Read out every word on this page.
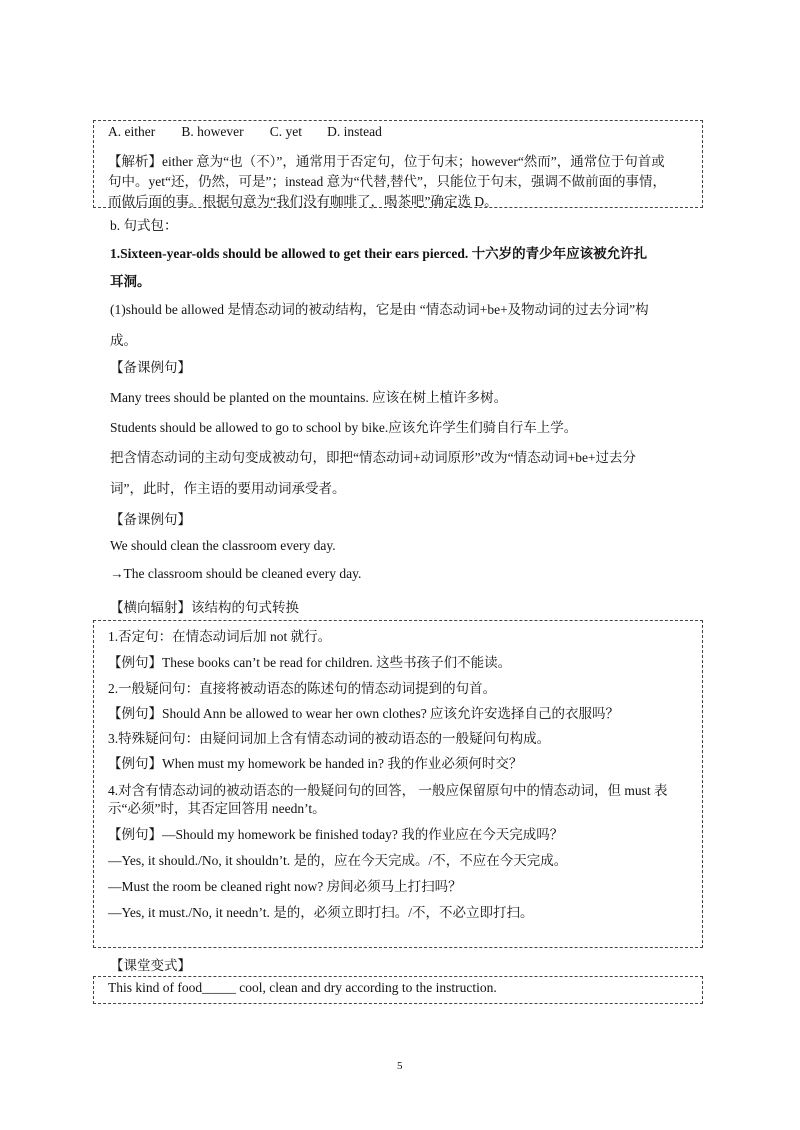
A. either B. however C. yet D. instead
【解析】either 意为“也（不）”，通常用于否定句，位于句末；however“然而”，通常位于句首或
句中。yet“还，仍然，可是”；instead 意为“代替,替代”，只能位于句末，强调不做前面的事情，
而做后面的事。根据句意为“我们没有咖啡了，喝茶吧”确定选 D。
b. 句式包：
1.Sixteen-year-olds should be allowed to get their ears pierced. 十六岁的青少年应该被允许扎
耳洞。
(1)should be allowed 是情态动词的被动结构，它是由 “情态动词+be+及物动词的过去分词”构
成。
【备课例句】
Many trees should be planted on the mountains. 应该在树上植许多树。
Students should be allowed to go to school by bike.应该允许学生们骑自行车上学。
把含情态动词的主动句变成被动句，即把“情态动词+动词原形”改为“情态动词+be+过去分
词”，此时，作主语的要用动词承受者。
【备课例句】
We should clean the classroom every day.
→The classroom should be cleaned every day.
【横向辐射】该结构的句式转换
1.否定句：在情态动词后加 not 就行。
【例句】These books can’t be read for children. 这些书孩子们不能读。
2.一般疑问句：直接将被动语态的陈述句的情态动词提到的句首。
【例句】Should Ann be allowed to wear her own clothes? 应该允许安选择自己的衣服吗？
3.特殊疑问句：由疑问词加上含有情态动词的被动语态的一般疑问句构成。
【例句】When must my homework be handed in? 我的作业必须何时交？
4.对含有情态动词的被动语态的一般疑问句的回答， 一般应保留原句中的情态动词，但 must 表
示“必须”时，其否定回答用 needn’t。
【例句】—Should my homework be finished today? 我的作业应在今天完成吗？
—Yes, it should./No, it shouldn’t. 是的，应在今天完成。/不，不应在今天完成。
—Must the room be cleaned right now? 房间必须马上打扫吗？
—Yes, it must./No, it needn’t. 是的，必须立即打扫。/不，不必立即打扫。
【课堂变式】
This kind of food_____ cool, clean and dry according to the instruction.
5
